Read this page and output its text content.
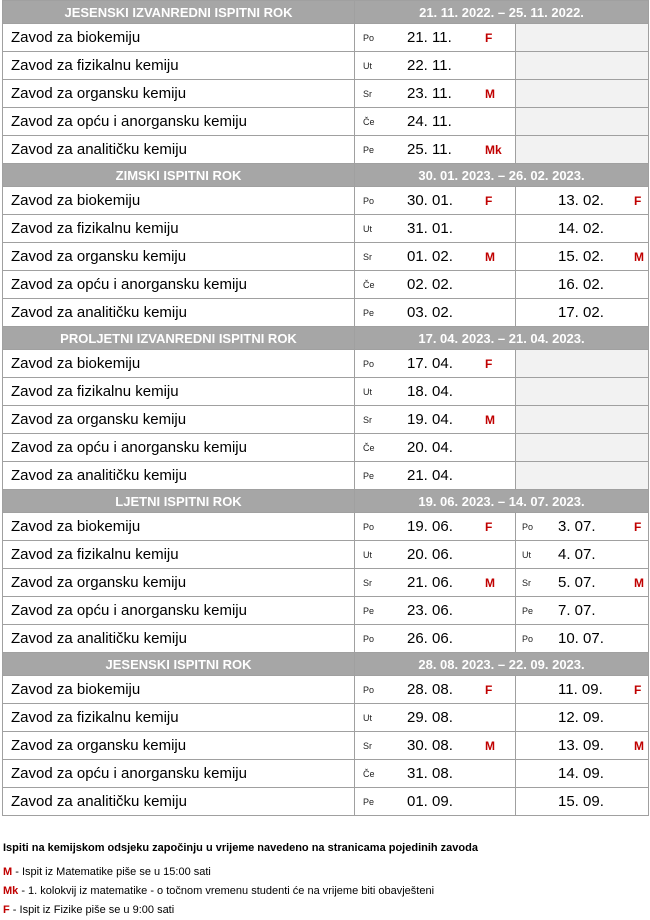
JESENSKI IZVANREDNI ISPITNI ROK	21. 11. 2022. – 25. 11. 2022.	
Zavod za biokemiju	Po 21. 11. F	

Zavod za fizikalnu kemiju	Ut 22. 11.	

Zavod za organsku kemiju	Sr 23. 11. M	

Zavod za opću i anorgansku kemiju	Če 24. 11.	

Zavod za analitičku kemiju	Pe 25. 11. Mk	

ZIMSKI ISPITNI ROK	30. 01. 2023. – 26. 02. 2023.	
Zavod za biokemiju	Po 30. 01. F	13. 02. F

Zavod za fizikalnu kemiju	Ut 31. 01.	14. 02.

Zavod za organsku kemiju	Sr 01. 02. M	15. 02. M

Zavod za opću i anorgansku kemiju	Če 02. 02.	16. 02.

Zavod za analitičku kemiju	Pe 03. 02.	17. 02.

PROLJETNI IZVANREDNI ISPITNI ROK	17. 04. 2023. – 21. 04. 2023.	
Zavod za biokemiju	Po 17. 04. F	

Zavod za fizikalnu kemiju	Ut 18. 04.	

Zavod za organsku kemiju	Sr 19. 04. M	

Zavod za opću i anorgansku kemiju	Če 20. 04.	

Zavod za analitičku kemiju	Pe 21. 04.	

LJETNI ISPITNI ROK	19. 06. 2023. – 14. 07. 2023.	
Zavod za biokemiju	Po 19. 06. F	Po 3. 07. F

Zavod za fizikalnu kemiju	Ut 20. 06.	Ut 4. 07.

Zavod za organsku kemiju	Sr 21. 06. M	Sr 5. 07. M

Zavod za opću i anorgansku kemiju	Pe 23. 06.	Pe 7. 07.

Zavod za analitičku kemiju	Po 26. 06.	Po 10. 07.

JESENSKI ISPITNI ROK	28. 08. 2023. – 22. 09. 2023.	
Zavod za biokemiju	Po 28. 08. F	11. 09. F

Zavod za fizikalnu kemiju	Ut 29. 08.	12. 09.

Zavod za organsku kemiju	Sr 30. 08. M	13. 09. M

Zavod za opću i anorgansku kemiju	Če 31. 08.	14. 09.

Zavod za analitičku kemiju	Pe 01. 09.	15. 09.
Ispiti na kemijskom odsjeku započinju u vrijeme navedeno na stranicama pojedinih zavoda
M - Ispit iz Matematike piše se u 15:00 sati
Mk - 1. kolokvij iz matematike - o točnom vremenu studenti će na vrijeme biti obavješteni
F - Ispit iz Fizike piše se u 9:00 sati
